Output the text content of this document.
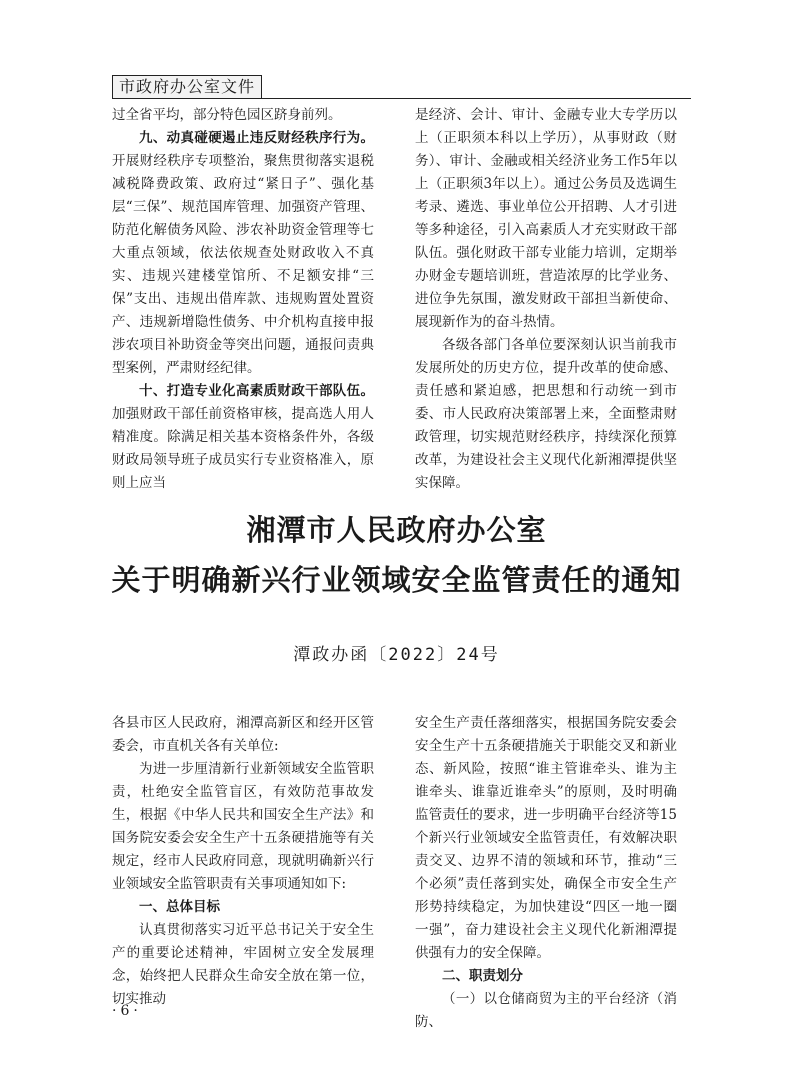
市政府办公室文件

过全省平均，部分特色园区跻身前列。

九、动真碰硬遏止违反财经秩序行为。开展财经秩序专项整治，聚焦贯彻落实退税减税降费政策、政府过“紧日子”、强化基层“三保”、规范国库管理、加强资产管理、防范化解债务风险、涉农补助资金管理等七大重点领域，依法依规查处财政收入不真实、违规兴建楼堂馆所、不足额安排“三保”支出、违规出借库款、违规购置处置资产、违规新增隐性债务、中介机构直接申报涉农项目补助资金等突出问题，通报问责典型案例，严肃财经纪律。

十、打造专业化高素质财政干部队伍。加强财政干部任前资格审核，提高选人用人精准度。除满足相关基本资格条件外，各级财政局领导班子成员实行专业资格准入，原则上应当

是经济、会计、审计、金融专业大专学历以上（正职须本科以上学历），从事财政（财务）、审计、金融或相关经济业务工作5年以上（正职须3年以上）。通过公务员及选调生考录、遴选、事业单位公开招聘、人才引进等多种途径，引入高素质人才充实财政干部队伍。强化财政干部专业能力培训，定期举办财金专题培训班，营造浓厚的比学业务、进位争先氛围，激发财政干部担当新使命、展现新作为的奋斗热情。

各级各部门各单位要深刻认识当前我市发展所处的历史方位，提升改革的使命感、责任感和紧迫感，把思想和行动统一到市委、市人民政府决策部署上来，全面整肃财政管理，切实规范财经秩序，持续深化预算改革，为建设社会主义现代化新湘潭提供坚实保障。

湘潭市人民政府办公室
关于明确新兴行业领域安全监管责任的通知
潭政办函〔2022〕24号

各县市区人民政府，湘潭高新区和经开区管委会，市直机关各有关单位:

为进一步厘清新行业新领域安全监管职责，杜绝安全监管盲区，有效防范事故发生，根据《中华人民共和国安全生产法》和国务院安委会安全生产十五条硬措施等有关规定，经市人民政府同意，现就明确新兴行业领域安全监管职责有关事项通知如下:

一、总体目标

认真贯彻落实习近平总书记关于安全生产的重要论述精神，牢固树立安全发展理念，始终把人民群众生命安全放在第一位，切实推动

安全生产责任落细落实，根据国务院安委会安全生产十五条硬措施关于职能交叉和新业态、新风险，按照“谁主管谁牵头、谁为主谁牵头、谁靠近谁牵头”的原则，及时明确监管责任的要求，进一步明确平台经济等15个新兴行业领域安全监管责任，有效解决职责交叉、边界不清的领域和环节，推动“三个必须”责任落到实处，确保全市安全生产形势持续稳定，为加快建设“四区一地一圈一强”，奋力建设社会主义现代化新湘潭提供强有力的安全保障。

二、职责划分

（一）以仓储商贸为主的平台经济（消防、

·6·
